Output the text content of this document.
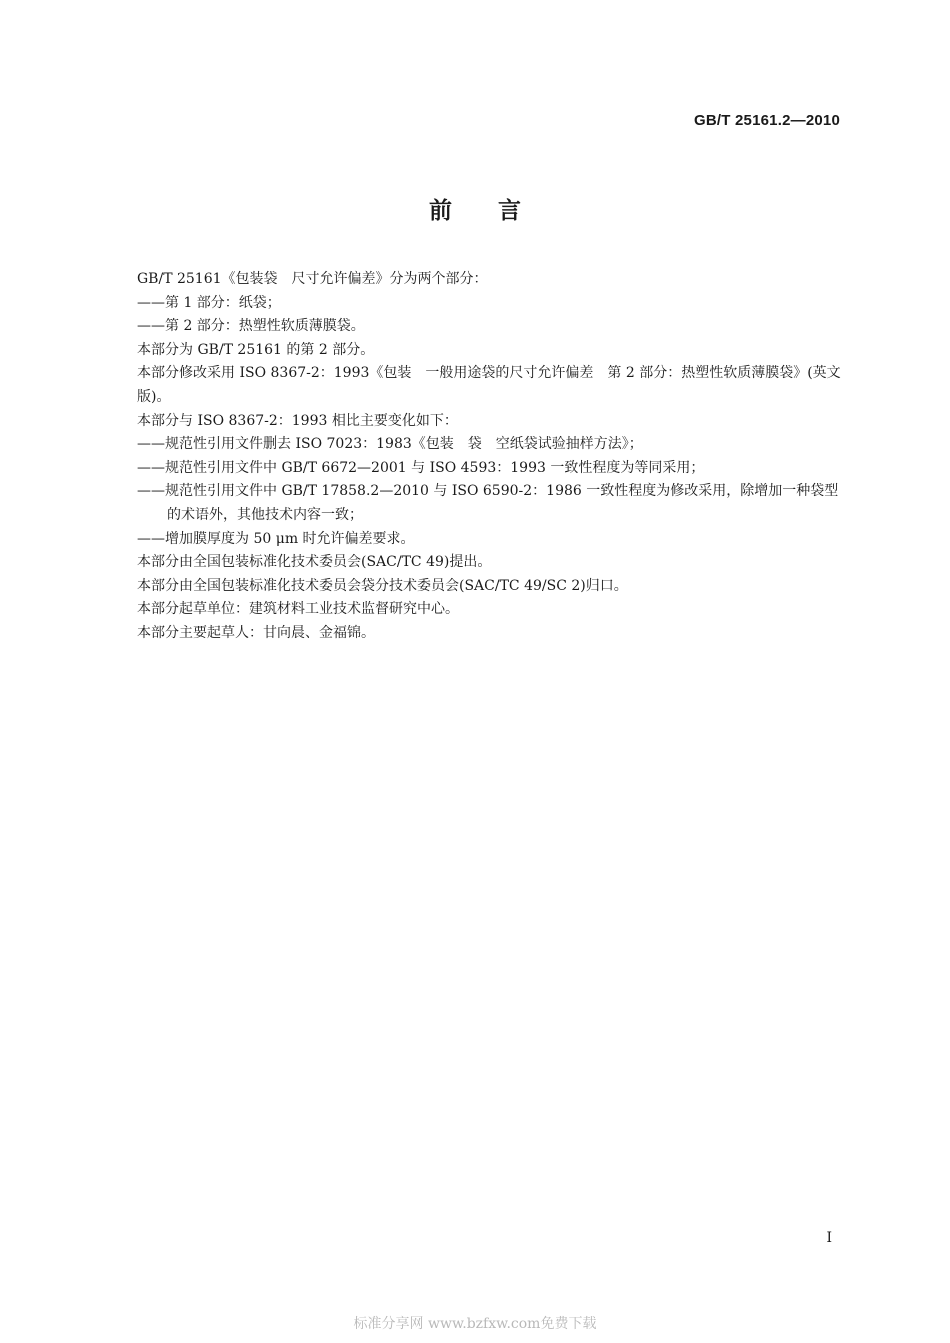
GB/T 25161.2—2010
前言

GB/T 25161《包装袋　尺寸允许偏差》分为两个部分：

——第 1 部分：纸袋；

——第 2 部分：热塑性软质薄膜袋。

本部分为 GB/T 25161 的第 2 部分。

本部分修改采用 ISO 8367-2：1993《包装　一般用途袋的尺寸允许偏差　第 2 部分：热塑性软质薄膜袋》(英文版)。

本部分与 ISO 8367-2：1993 相比主要变化如下：

——规范性引用文件删去 ISO 7023：1983《包装　袋　空纸袋试验抽样方法》；

——规范性引用文件中 GB/T 6672—2001 与 ISO 4593：1993 一致性程度为等同采用；

——规范性引用文件中 GB/T 17858.2—2010 与 ISO 6590-2：1986 一致性程度为修改采用，除增加一种袋型的术语外，其他技术内容一致；

——增加膜厚度为 50 μm 时允许偏差要求。

本部分由全国包装标准化技术委员会(SAC/TC 49)提出。

本部分由全国包装标准化技术委员会袋分技术委员会(SAC/TC 49/SC 2)归口。

本部分起草单位：建筑材料工业技术监督研究中心。

本部分主要起草人：甘向晨、金福锦。

I
标准分享网 www.bzfxw.com免费下载
